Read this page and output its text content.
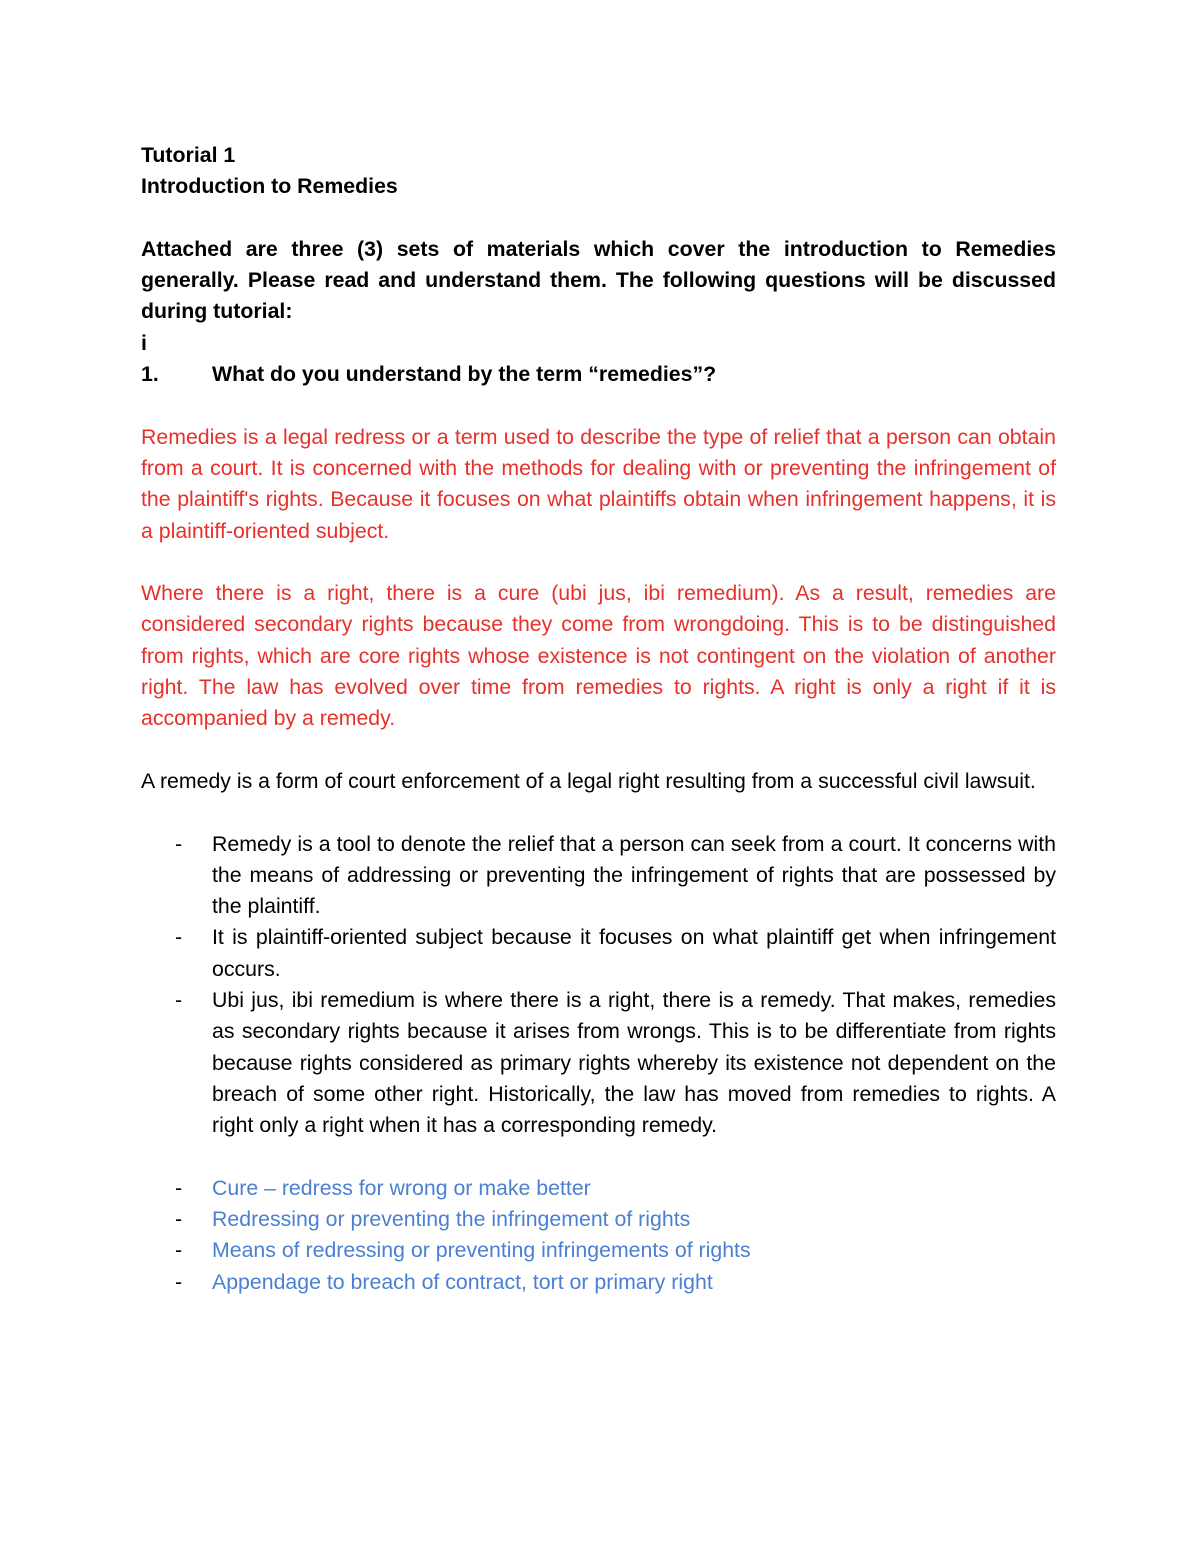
Tutorial 1

Introduction to Remedies

Attached are three (3) sets of materials which cover the introduction to Remedies generally. Please read and understand them. The following questions will be discussed during tutorial:

i

1.	What do you understand by the term “remedies”?

Remedies is a legal redress or a term used to describe the type of relief that a person can obtain from a court. It is concerned with the methods for dealing with or preventing the infringement of the plaintiff's rights. Because it focuses on what plaintiffs obtain when infringement happens, it is a plaintiff-oriented subject.

Where there is a right, there is a cure (ubi jus, ibi remedium). As a result, remedies are considered secondary rights because they come from wrongdoing. This is to be distinguished from rights, which are core rights whose existence is not contingent on the violation of another right. The law has evolved over time from remedies to rights. A right is only a right if it is accompanied by a remedy.

A remedy is a form of court enforcement of a legal right resulting from a successful civil lawsuit.

-	Remedy is a tool to denote the relief that a person can seek from a court. It concerns with the means of addressing or preventing the infringement of rights that are possessed by the plaintiff.
-	It is plaintiff-oriented subject because it focuses on what plaintiff get when infringement occurs.
-	Ubi jus, ibi remedium is where there is a right, there is a remedy. That makes, remedies as secondary rights because it arises from wrongs. This is to be differentiate from rights because rights considered as primary rights whereby its existence not dependent on the breach of some other right. Historically, the law has moved from remedies to rights. A right only a right when it has a corresponding remedy.
-	Cure – redress for wrong or make better
-	Redressing or preventing the infringement of rights
-	Means of redressing or preventing infringements of rights
-	Appendage to breach of contract, tort or primary right
